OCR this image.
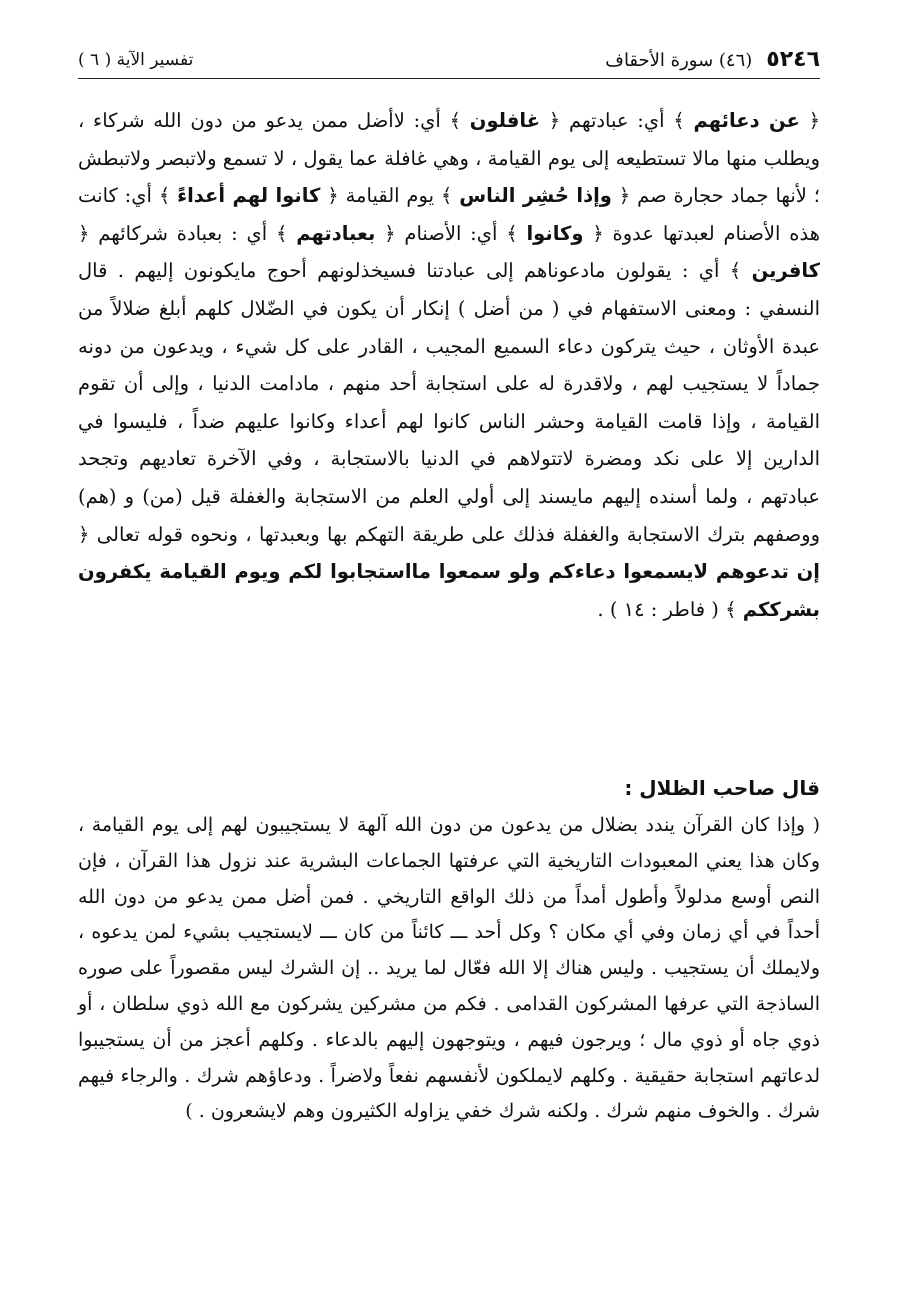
٥٢٤٦
(٤٦) سورة الأحقاف
تفسير الآية ( ٦ )
﴿ عن دعائهم ﴾ أي: عبادتهم ﴿ غافلون ﴾ أي: لاأضل ممن يدعو من دون الله شركاء ، ويطلب منها مالا تستطيعه إلى يوم القيامة ، وهي غافلة عما يقول ، لا تسمع ولاتبصر ولاتبطش ؛ لأنها جماد حجارة صم ﴿ وإذا حُشِر الناس ﴾ يوم القيامة ﴿ كانوا لهم أعداءً ﴾ أي: كانت هذه الأصنام لعبدتها عدوة ﴿ وكانوا ﴾ أي: الأصنام ﴿ بعبادتهم ﴾ أي : بعبادة شركائهم ﴿ كافرين ﴾ أي : يقولون مادعوناهم إلى عبادتنا فسيخذلونهم أحوج مايكونون إليهم . قال النسفي : ومعنى الاستفهام في ( من أضل ) إنكار أن يكون في الضّلال كلهم أبلغ ضلالاً من عبدة الأوثان ، حيث يتركون دعاء السميع المجيب ، القادر على كل شيء ، ويدعون من دونه جماداً لا يستجيب لهم ، ولاقدرة له على استجابة أحد منهم ، مادامت الدنيا ، وإلى أن تقوم القيامة ، وإذا قامت القيامة وحشر الناس كانوا لهم أعداء وكانوا عليهم ضداً ، فليسوا في الدارين إلا على نكد ومضرة لاتتولاهم في الدنيا بالاستجابة ، وفي الآخرة تعاديهم وتجحد عبادتهم ، ولما أسنده إليهم مايسند إلى أولي العلم من الاستجابة والغفلة قيل (من) و (هم) ووصفهم بترك الاستجابة والغفلة فذلك على طريقة التهكم بها وبعبدتها ، ونحوه قوله تعالى ﴿ إن تدعوهم لايسمعوا دعاءكم ولو سمعوا مااستجابوا لكم ويوم القيامة يكفرون بشرككم ﴾ ( فاطر : ١٤ ) .
قال صاحب الظلال :
( وإذا كان القرآن يندد بضلال من يدعون من دون الله آلهة لا يستجيبون لهم إلى يوم القيامة ، وكان هذا يعني المعبودات التاريخية التي عرفتها الجماعات البشرية عند نزول هذا القرآن ، فإن النص أوسع مدلولاً وأطول أمداً من ذلك الواقع التاريخي . فمن أضل ممن يدعو من دون الله أحداً في أي زمان وفي أي مكان ؟ وكل أحد ـــ كائناً من كان ـــ لايستجيب بشيء لمن يدعوه ، ولايملك أن يستجيب . وليس هناك إلا الله فعّال لما يريد .. إن الشرك ليس مقصوراً على صوره الساذجة التي عرفها المشركون القدامى . فكم من مشركين يشركون مع الله ذوي سلطان ، أو ذوي جاه أو ذوي مال ؛ ويرجون فيهم ، ويتوجهون إليهم بالدعاء . وكلهم أعجز من أن يستجيبوا لدعاتهم استجابة حقيقية . وكلهم لايملكون لأنفسهم نفعاً ولاضراً . ودعاؤهم شرك . والرجاء فيهم شرك . والخوف منهم شرك . ولكنه شرك خفي يزاوله الكثيرون وهم لايشعرون . )
